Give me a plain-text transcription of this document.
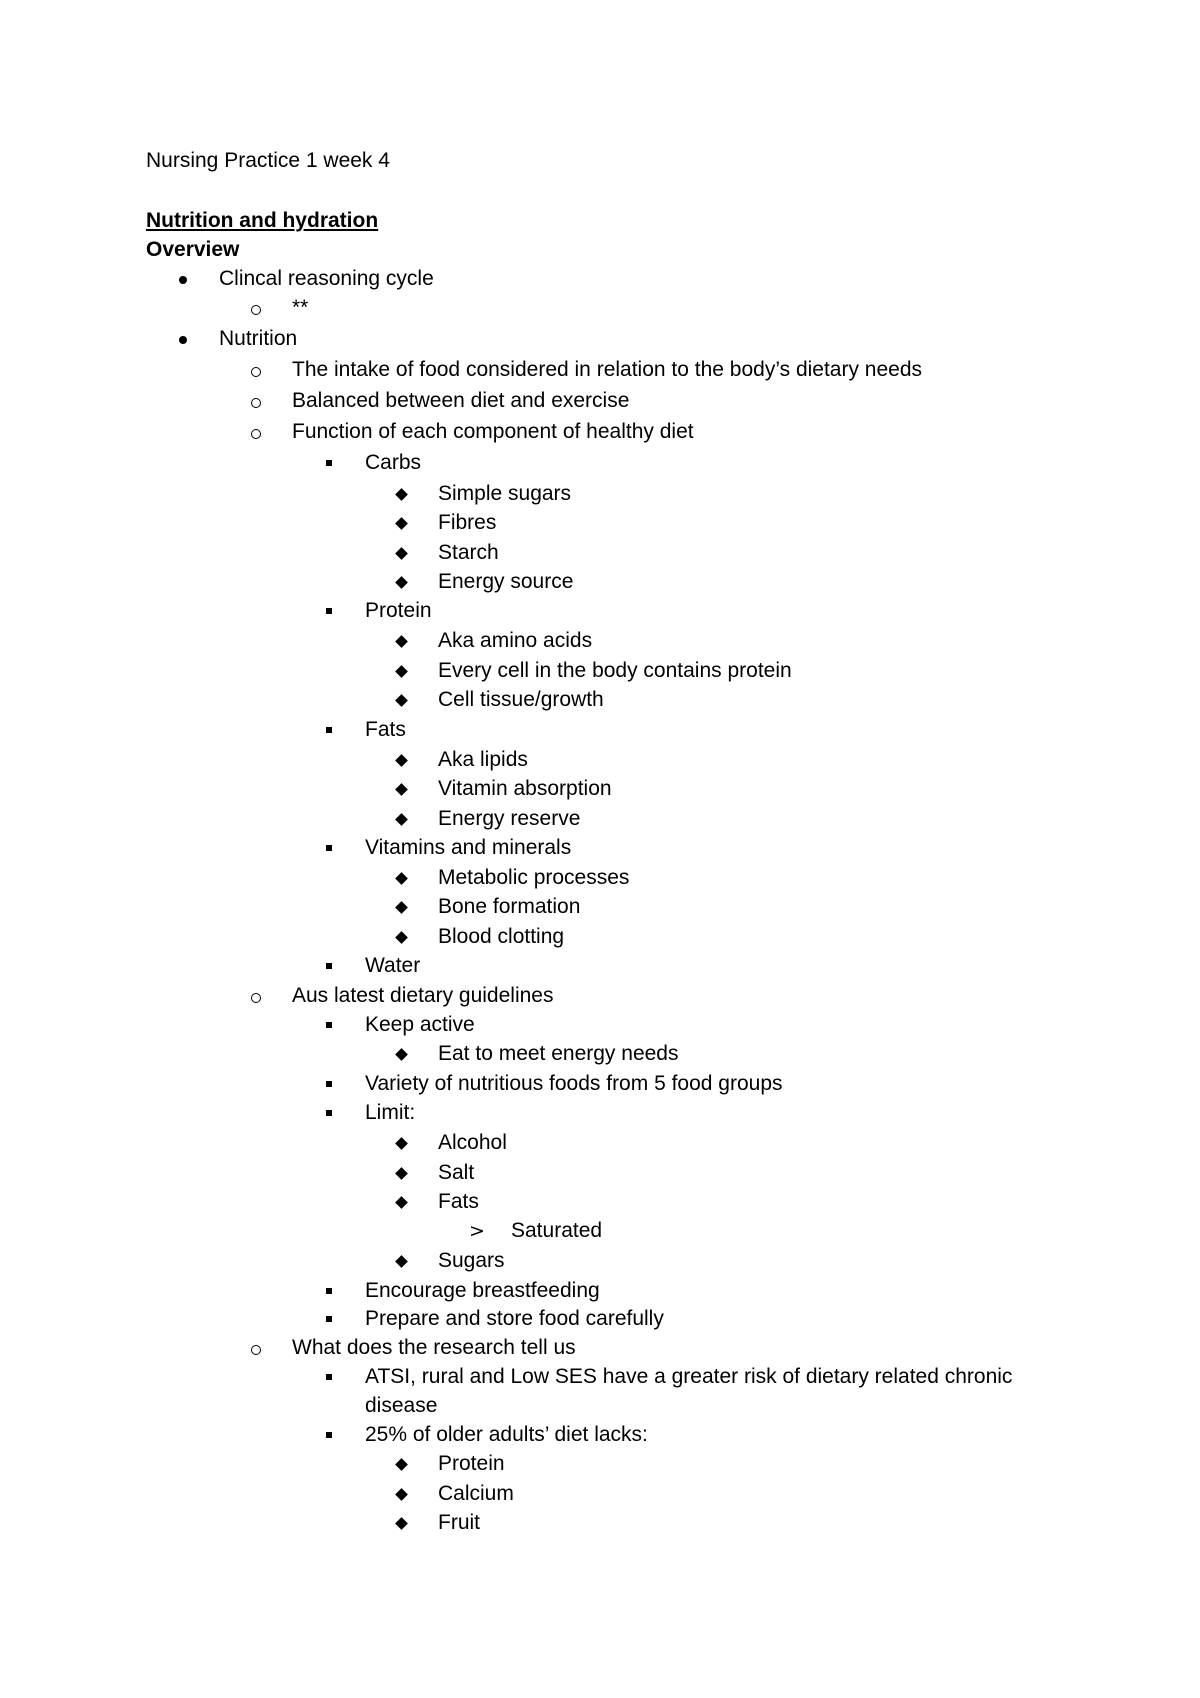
Nursing Practice 1 week 4
Nutrition and hydration
Overview
Clincal reasoning cycle
**
Nutrition
The intake of food considered in relation to the body’s dietary needs
Balanced between diet and exercise
Function of each component of healthy diet
Carbs
Simple sugars
Fibres
Starch
Energy source
Protein
Aka amino acids
Every cell in the body contains protein
Cell tissue/growth
Fats
Aka lipids
Vitamin absorption
Energy reserve
Vitamins and minerals
Metabolic processes
Bone formation
Blood clotting
Water
Aus latest dietary guidelines
Keep active
Eat to meet energy needs
Variety of nutritious foods from 5 food groups
Limit:
Alcohol
Salt
Fats
Saturated
>
Sugars
Encourage breastfeeding
Prepare and store food carefully
What does the research tell us
ATSI, rural and Low SES have a greater risk of dietary related chronic
disease
25% of older adults’ diet lacks:
Protein
Calcium
Fruit
